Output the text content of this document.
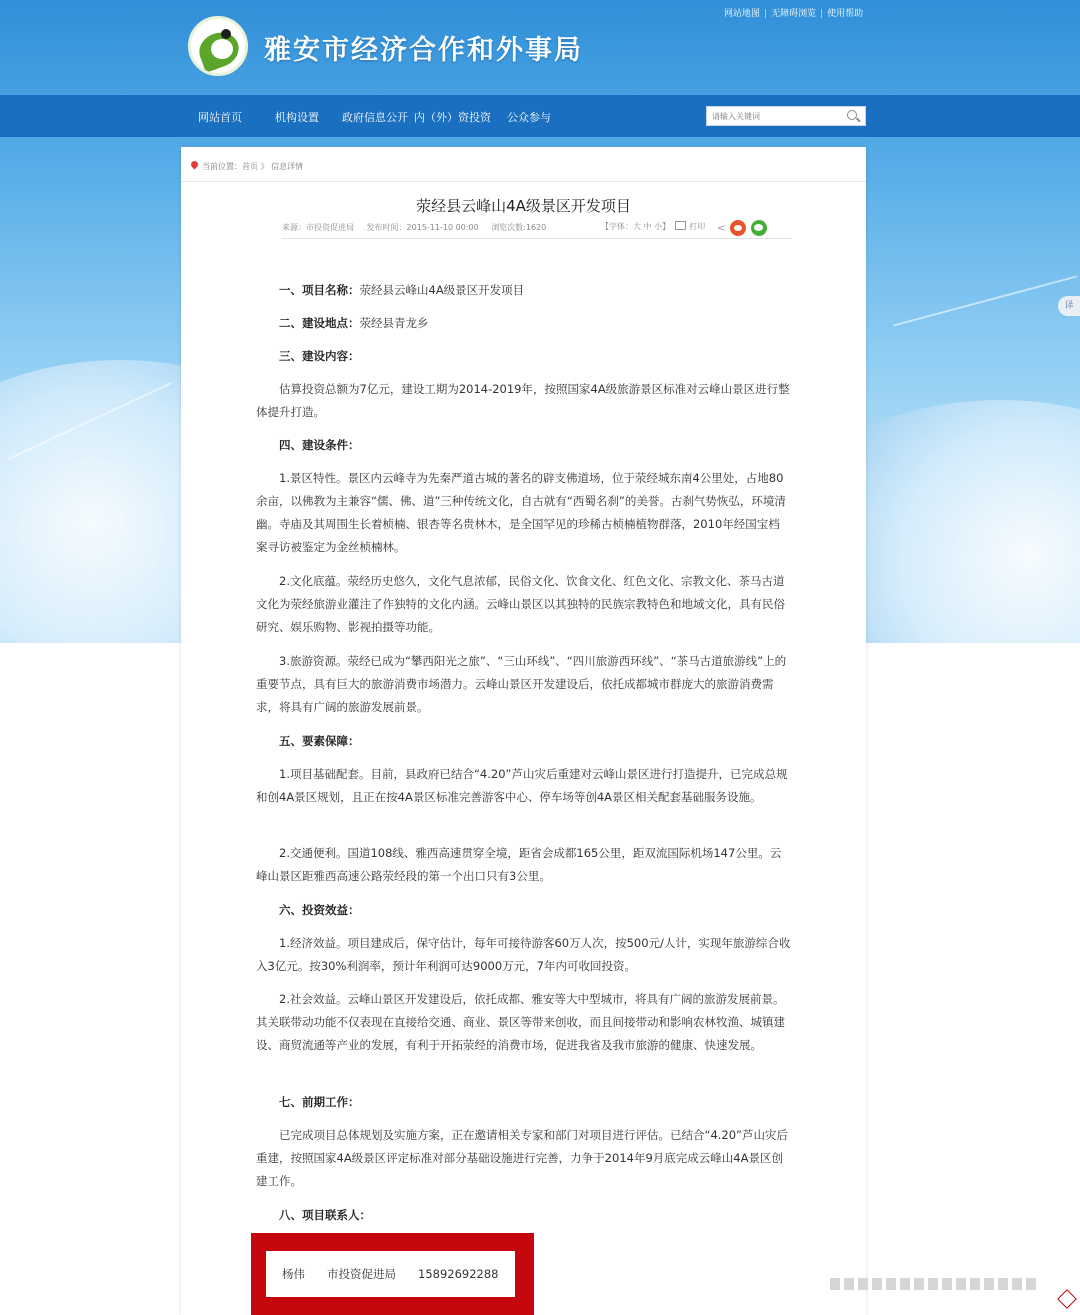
雅安市经济合作和外事局
网站地图 | 无障碍浏览 | 使用帮助
网站首页	机构设置 政府信息公开 内（外）资投资 公众参与
请输入关键词
译
当前位置：首页 》 信息详情
荥经县云峰山4A级景区开发项目
来源：市投资促进局 发布时间：2015-11-10 00:00 浏览次数:1620	【字体：大 中 小】 打印 <
一、项目名称：荥经县云峰山4A级景区开发项目
二、建设地点：荥经县青龙乡
三、建设内容：
估算投资总额为7亿元，建设工期为2014-2019年，按照国家4A级旅游景区标准对云峰山景区进行整体提升打造。
四、建设条件：
1.景区特性。景区内云峰寺为先秦严道古城的著名的辟支佛道场，位于荥经城东南4公里处，占地80余亩，以佛教为主兼容“儒、佛、道”三种传统文化，自古就有“西蜀名刹”的美誉。古刹气势恢弘，环境清幽。寺庙及其周围生长着桢楠、银杏等名贵林木，是全国罕见的珍稀古桢楠植物群落，2010年经国宝档案寻访被鉴定为金丝桢楠林。
2.文化底蕴。荥经历史悠久，文化气息浓郁，民俗文化、饮食文化、红色文化、宗教文化、茶马古道文化为荥经旅游业灌注了作独特的文化内涵。云峰山景区以其独特的民族宗教特色和地域文化，具有民俗研究、娱乐购物、影视拍摄等功能。
3.旅游资源。荥经已成为“攀西阳光之旅”、“三山环线”、“四川旅游西环线”、“茶马古道旅游线”上的重要节点，具有巨大的旅游消费市场潜力。云峰山景区开发建设后，依托成都城市群庞大的旅游消费需求，将具有广阔的旅游发展前景。
五、要素保障：
1.项目基础配套。目前，县政府已结合“4.20”芦山灾后重建对云峰山景区进行打造提升，已完成总规和创4A景区规划，且正在按4A景区标准完善游客中心、停车场等创4A景区相关配套基础服务设施。
2.交通便利。国道108线、雅西高速贯穿全境，距省会成都165公里，距双流国际机场147公里。云峰山景区距雅西高速公路荥经段的第一个出口只有3公里。
六、投资效益：
1.经济效益。项目建成后，保守估计，每年可接待游客60万人次，按500元/人计，实现年旅游综合收入3亿元。按30%利润率，预计年利润可达9000万元，7年内可收回投资。
2.社会效益。云峰山景区开发建设后，依托成都、雅安等大中型城市，将具有广阔的旅游发展前景。其关联带动功能不仅表现在直接给交通、商业、景区等带来创收，而且间接带动和影响农林牧渔、城镇建设、商贸流通等产业的发展，有利于开拓荥经的消费市场，促进我省及我市旅游的健康、快速发展。
七、前期工作：
已完成项目总体规划及实施方案，正在邀请相关专家和部门对项目进行评估。已结合“4.20”芦山灾后重建，按照国家4A级景区评定标准对部分基础设施进行完善，力争于2014年9月底完成云峰山4A景区创建工作。
八、项目联系人：
杨伟 市投资促进局 15892692288
